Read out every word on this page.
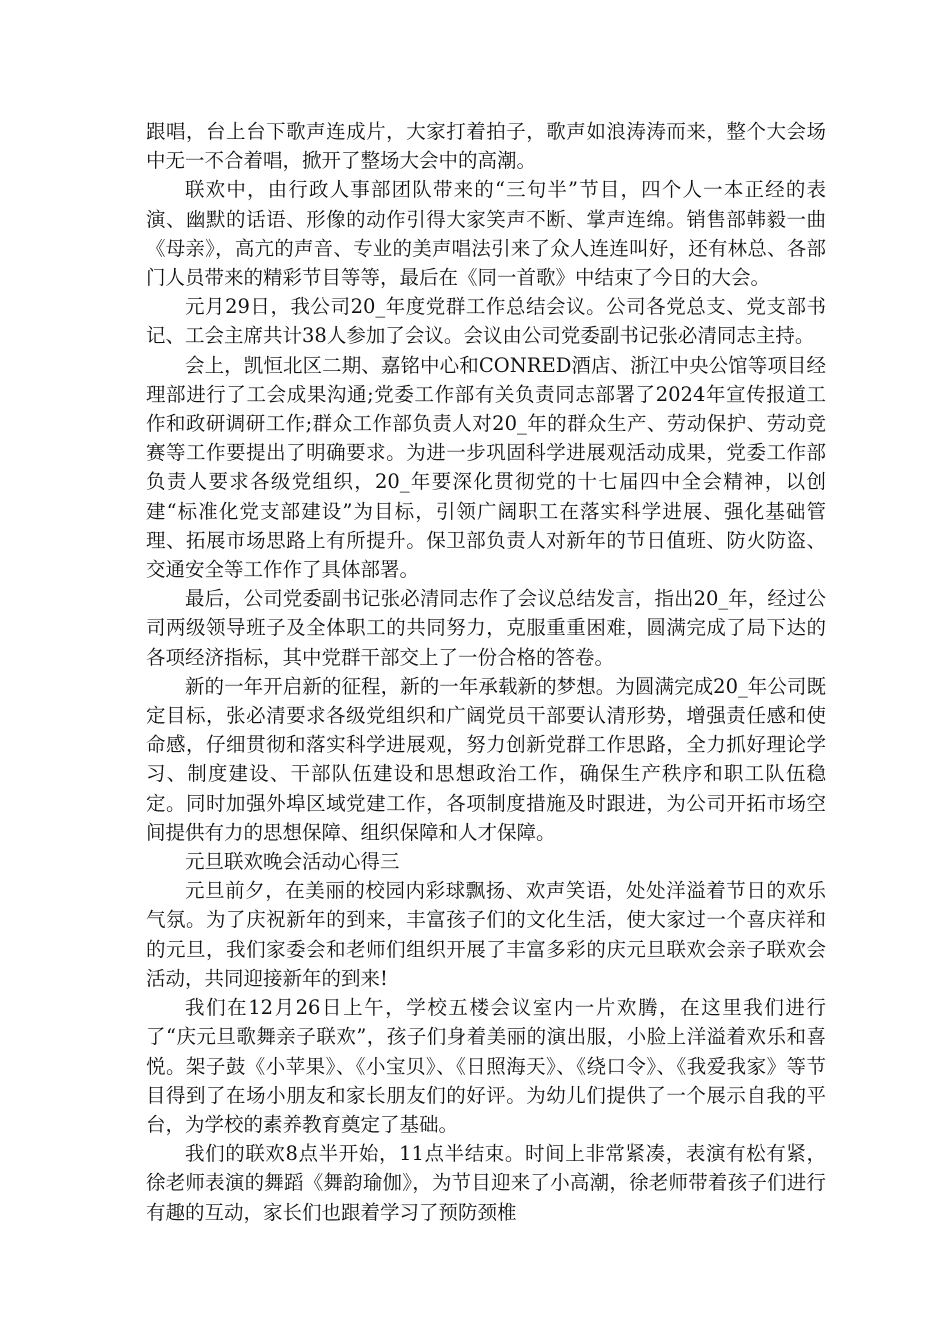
跟唱，台上台下歌声连成片，大家打着拍子，歌声如浪涛涛而来，整个大会场中无一不合着唱，掀开了整场大会中的高潮。

联欢中，由行政人事部团队带来的“三句半”节目，四个人一本正经的表演、幽默的话语、形像的动作引得大家笑声不断、掌声连绵。销售部韩毅一曲《母亲》，高亢的声音、专业的美声唱法引来了众人连连叫好，还有林总、各部门人员带来的精彩节目等等，最后在《同一首歌》中结束了今日的大会。

元月29日，我公司20_年度党群工作总结会议。公司各党总支、党支部书记、工会主席共计38人参加了会议。会议由公司党委副书记张必清同志主持。

会上，凯恒北区二期、嘉铭中心和CONRED酒店、浙江中央公馆等项目经理部进行了工会成果沟通;党委工作部有关负责同志部署了2024年宣传报道工作和政研调研工作;群众工作部负责人对20_年的群众生产、劳动保护、劳动竞赛等工作要提出了明确要求。为进一步巩固科学进展观活动成果，党委工作部负责人要求各级党组织，20_年要深化贯彻党的十七届四中全会精神，以创建“标准化党支部建设”为目标，引领广阔职工在落实科学进展、强化基础管理、拓展市场思路上有所提升。保卫部负责人对新年的节日值班、防火防盗、交通安全等工作作了具体部署。

最后，公司党委副书记张必清同志作了会议总结发言，指出20_年，经过公司两级领导班子及全体职工的共同努力，克服重重困难，圆满完成了局下达的各项经济指标，其中党群干部交上了一份合格的答卷。

新的一年开启新的征程，新的一年承载新的梦想。为圆满完成20_年公司既定目标，张必清要求各级党组织和广阔党员干部要认清形势，增强责任感和使命感，仔细贯彻和落实科学进展观，努力创新党群工作思路，全力抓好理论学习、制度建设、干部队伍建设和思想政治工作，确保生产秩序和职工队伍稳定。同时加强外埠区域党建工作，各项制度措施及时跟进，为公司开拓市场空间提供有力的思想保障、组织保障和人才保障。

元旦联欢晚会活动心得三

元旦前夕，在美丽的校园内彩球飘扬、欢声笑语，处处洋溢着节日的欢乐气氛。为了庆祝新年的到来，丰富孩子们的文化生活，使大家过一个喜庆祥和的元旦，我们家委会和老师们组织开展了丰富多彩的庆元旦联欢会亲子联欢会活动，共同迎接新年的到来!

我们在12月26日上午，学校五楼会议室内一片欢腾，在这里我们进行了“庆元旦歌舞亲子联欢”，孩子们身着美丽的演出服，小脸上洋溢着欢乐和喜悦。架子鼓《小苹果》、《小宝贝》、《日照海天》、《绕口令》、《我爱我家》等节目得到了在场小朋友和家长朋友们的好评。为幼儿们提供了一个展示自我的平台，为学校的素养教育奠定了基础。

我们的联欢8点半开始，11点半结束。时间上非常紧凑，表演有松有紧，徐老师表演的舞蹈《舞韵瑜伽》，为节目迎来了小高潮，徐老师带着孩子们进行有趣的互动，家长们也跟着学习了预防颈椎
